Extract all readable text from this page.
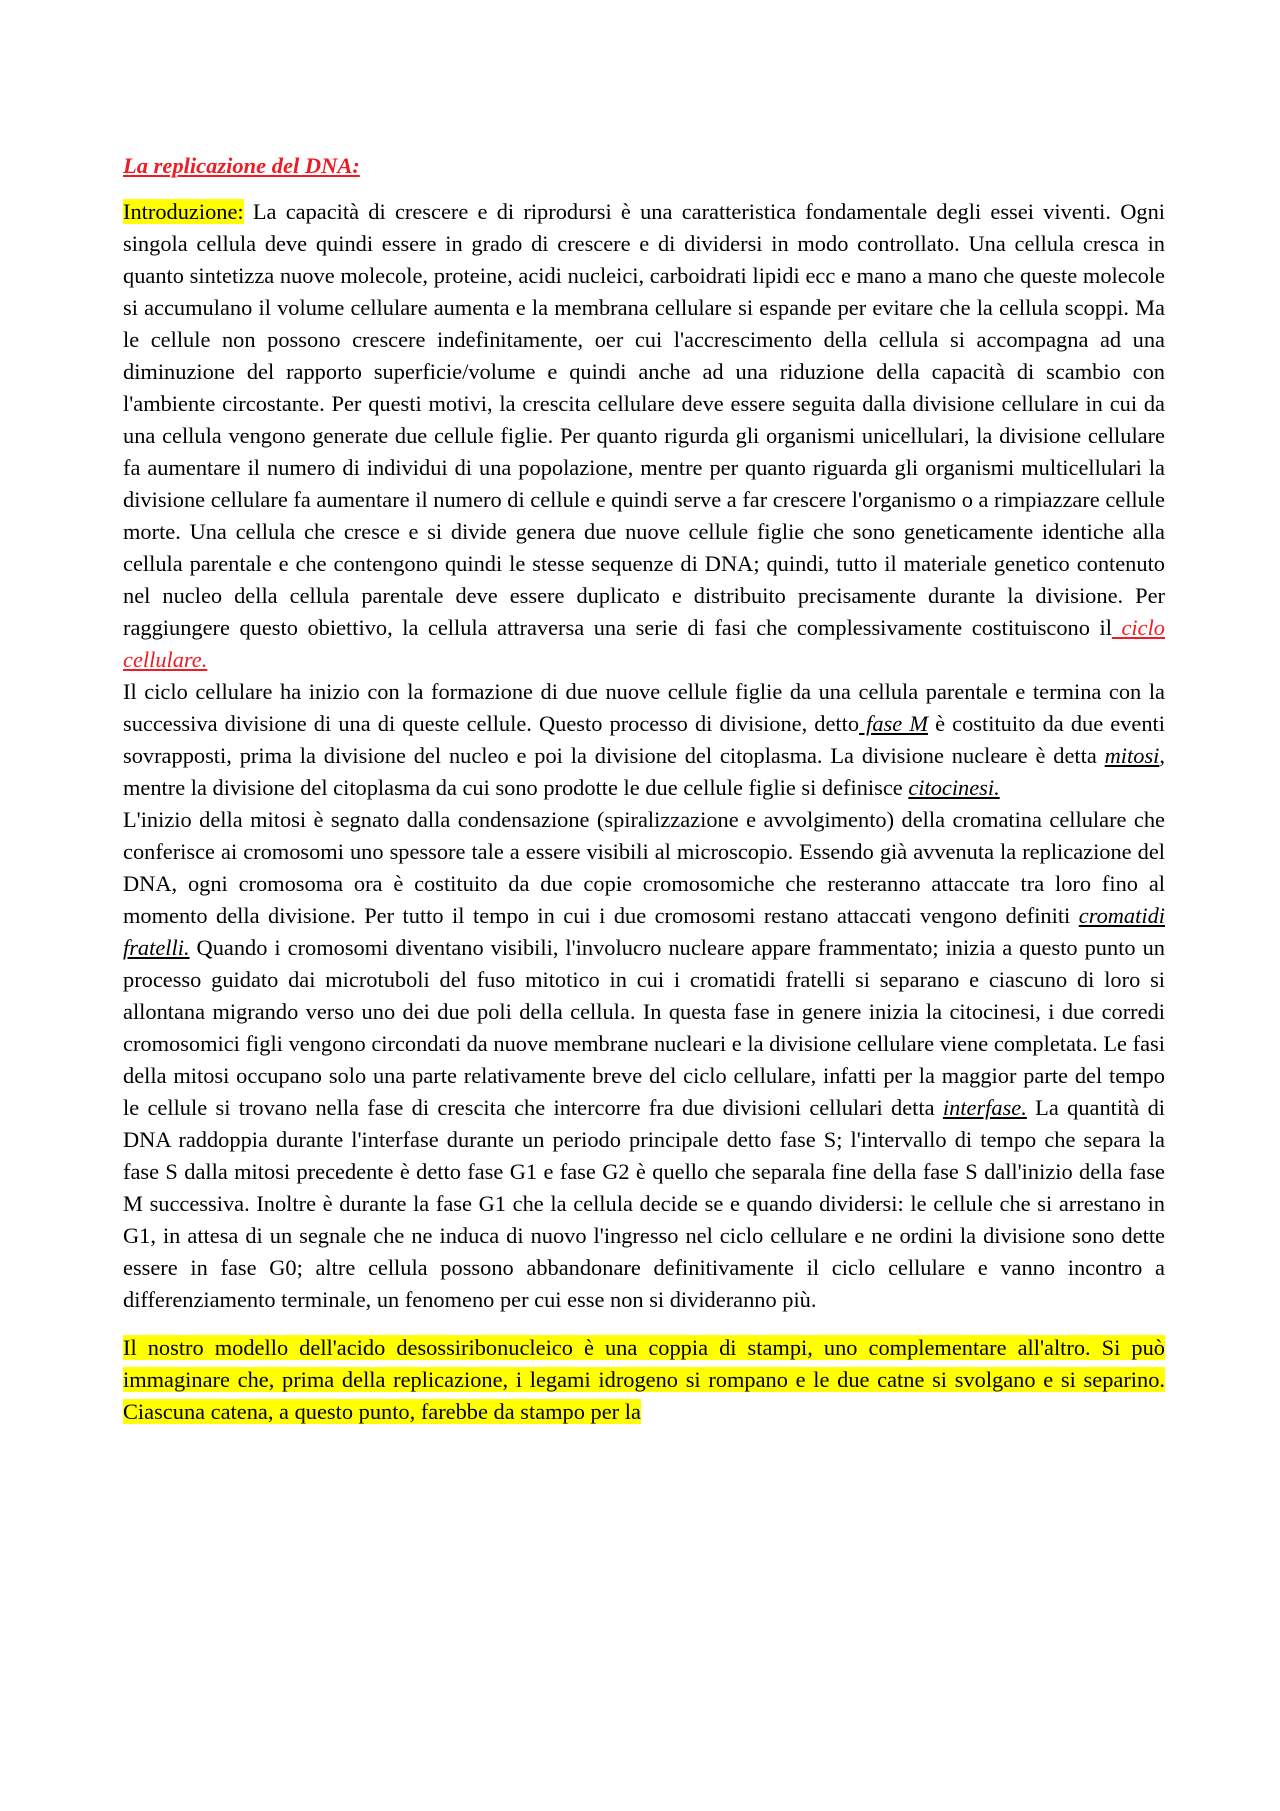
La replicazione del DNA:

Introduzione: La capacità di crescere e di riprodursi è una caratteristica fondamentale degli essei viventi. Ogni singola cellula deve quindi essere in grado di crescere e di dividersi in modo controllato. Una cellula cresca in quanto sintetizza nuove molecole, proteine, acidi nucleici, carboidrati lipidi ecc e mano a mano che queste molecole si accumulano il volume cellulare aumenta e la membrana cellulare si espande per evitare che la cellula scoppi. Ma le cellule non possono crescere indefinitamente, oer cui l'accrescimento della cellula si accompagna ad una diminuzione del rapporto superficie/volume e quindi anche ad una riduzione della capacità di scambio con l'ambiente circostante. Per questi motivi, la crescita cellulare deve essere seguita dalla divisione cellulare in cui da una cellula vengono generate due cellule figlie. Per quanto rigurda gli organismi unicellulari, la divisione cellulare fa aumentare il numero di individui di una popolazione, mentre per quanto riguarda gli organismi multicellulari la divisione cellulare fa aumentare il numero di cellule e quindi serve a far crescere l'organismo o a rimpiazzare cellule morte. Una cellula che cresce e si divide genera due nuove cellule figlie che sono geneticamente identiche alla cellula parentale e che contengono quindi le stesse sequenze di DNA; quindi, tutto il materiale genetico contenuto nel nucleo della cellula parentale deve essere duplicato e distribuito precisamente durante la divisione. Per raggiungere questo obiettivo, la cellula attraversa una serie di fasi che complessivamente costituiscono il ciclo cellulare.

Il ciclo cellulare ha inizio con la formazione di due nuove cellule figlie da una cellula parentale e termina con la successiva divisione di una di queste cellule. Questo processo di divisione, detto fase M è costituito da due eventi sovrapposti, prima la divisione del nucleo e poi la divisione del citoplasma. La divisione nucleare è detta mitosi, mentre la divisione del citoplasma da cui sono prodotte le due cellule figlie si definisce citocinesi.

L'inizio della mitosi è segnato dalla condensazione (spiralizzazione e avvolgimento) della cromatina cellulare che conferisce ai cromosomi uno spessore tale a essere visibili al microscopio. Essendo già avvenuta la replicazione del DNA, ogni cromosoma ora è costituito da due copie cromosomiche che resteranno attaccate tra loro fino al momento della divisione. Per tutto il tempo in cui i due cromosomi restano attaccati vengono definiti cromatidi fratelli. Quando i cromosomi diventano visibili, l'involucro nucleare appare frammentato; inizia a questo punto un processo guidato dai microtuboli del fuso mitotico in cui i cromatidi fratelli si separano e ciascuno di loro si allontana migrando verso uno dei due poli della cellula. In questa fase in genere inizia la citocinesi, i due corredi cromosomici figli vengono circondati da nuove membrane nucleari e la divisione cellulare viene completata. Le fasi della mitosi occupano solo una parte relativamente breve del ciclo cellulare, infatti per la maggior parte del tempo le cellule si trovano nella fase di crescita che intercorre fra due divisioni cellulari detta interfase. La quantità di DNA raddoppia durante l'interfase durante un periodo principale detto fase S; l'intervallo di tempo che separa la fase S dalla mitosi precedente è detto fase G1 e fase G2 è quello che separala fine della fase S dall'inizio della fase M successiva. Inoltre è durante la fase G1 che la cellula decide se e quando dividersi: le cellule che si arrestano in G1, in attesa di un segnale che ne induca di nuovo l'ingresso nel ciclo cellulare e ne ordini la divisione sono dette essere in fase G0; altre cellula possono abbandonare definitivamente il ciclo cellulare e vanno incontro a differenziamento terminale, un fenomeno per cui esse non si divideranno più.

Il nostro modello dell'acido desossiribonucleico è una coppia di stampi, uno complementare all'altro. Si può immaginare che, prima della replicazione, i legami idrogeno si rompano e le due catne si svolgano e si separino. Ciascuna catena, a questo punto, farebbe da stampo per la
